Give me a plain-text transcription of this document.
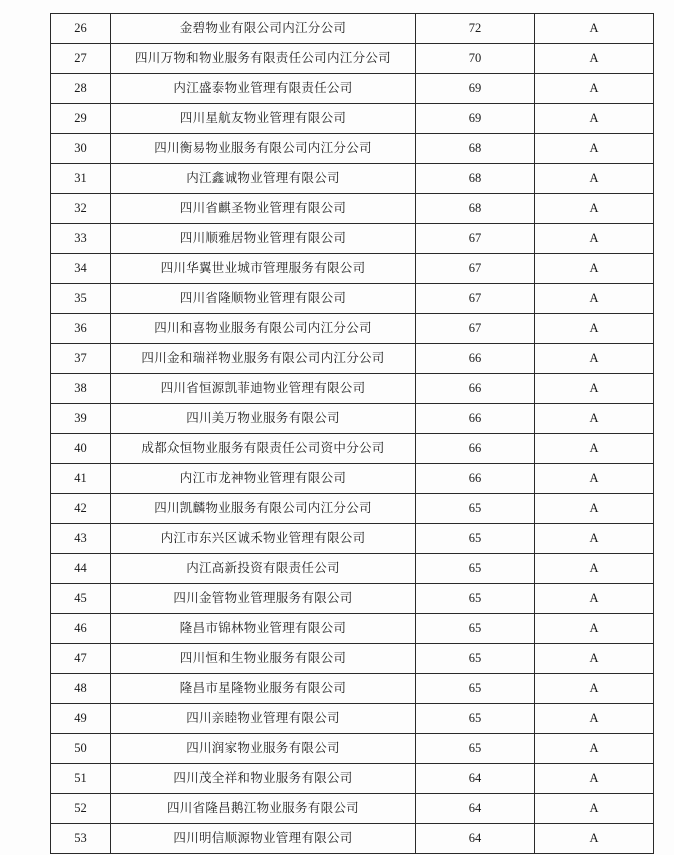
26	金碧物业有限公司内江分公司	72	A
27	四川万物和物业服务有限责任公司内江分公司	70	A
28	内江盛泰物业管理有限责任公司	69	A
29	四川星航友物业管理有限公司	69	A
30	四川衡易物业服务有限公司内江分公司	68	A
31	内江鑫诚物业管理有限公司	68	A
32	四川省麒圣物业管理有限公司	68	A
33	四川顺雅居物业管理有限公司	67	A
34	四川华翼世业城市管理服务有限公司	67	A
35	四川省隆顺物业管理有限公司	67	A
36	四川和喜物业服务有限公司内江分公司	67	A
37	四川金和瑞祥物业服务有限公司内江分公司	66	A
38	四川省恒源凯菲迪物业管理有限公司	66	A
39	四川美万物业服务有限公司	66	A
40	成都众恒物业服务有限责任公司资中分公司	66	A
41	内江市龙神物业管理有限公司	66	A
42	四川凯麟物业服务有限公司内江分公司	65	A
43	内江市东兴区诚禾物业管理有限公司	65	A
44	内江高新投资有限责任公司	65	A
45	四川金管物业管理服务有限公司	65	A
46	隆昌市锦林物业管理有限公司	65	A
47	四川恒和生物业服务有限公司	65	A
48	隆昌市星隆物业服务有限公司	65	A
49	四川亲睦物业管理有限公司	65	A
50	四川润家物业服务有限公司	65	A
51	四川茂全祥和物业服务有限公司	64	A
52	四川省隆昌鹅江物业服务有限公司	64	A
53	四川明信顺源物业管理有限公司	64	A
